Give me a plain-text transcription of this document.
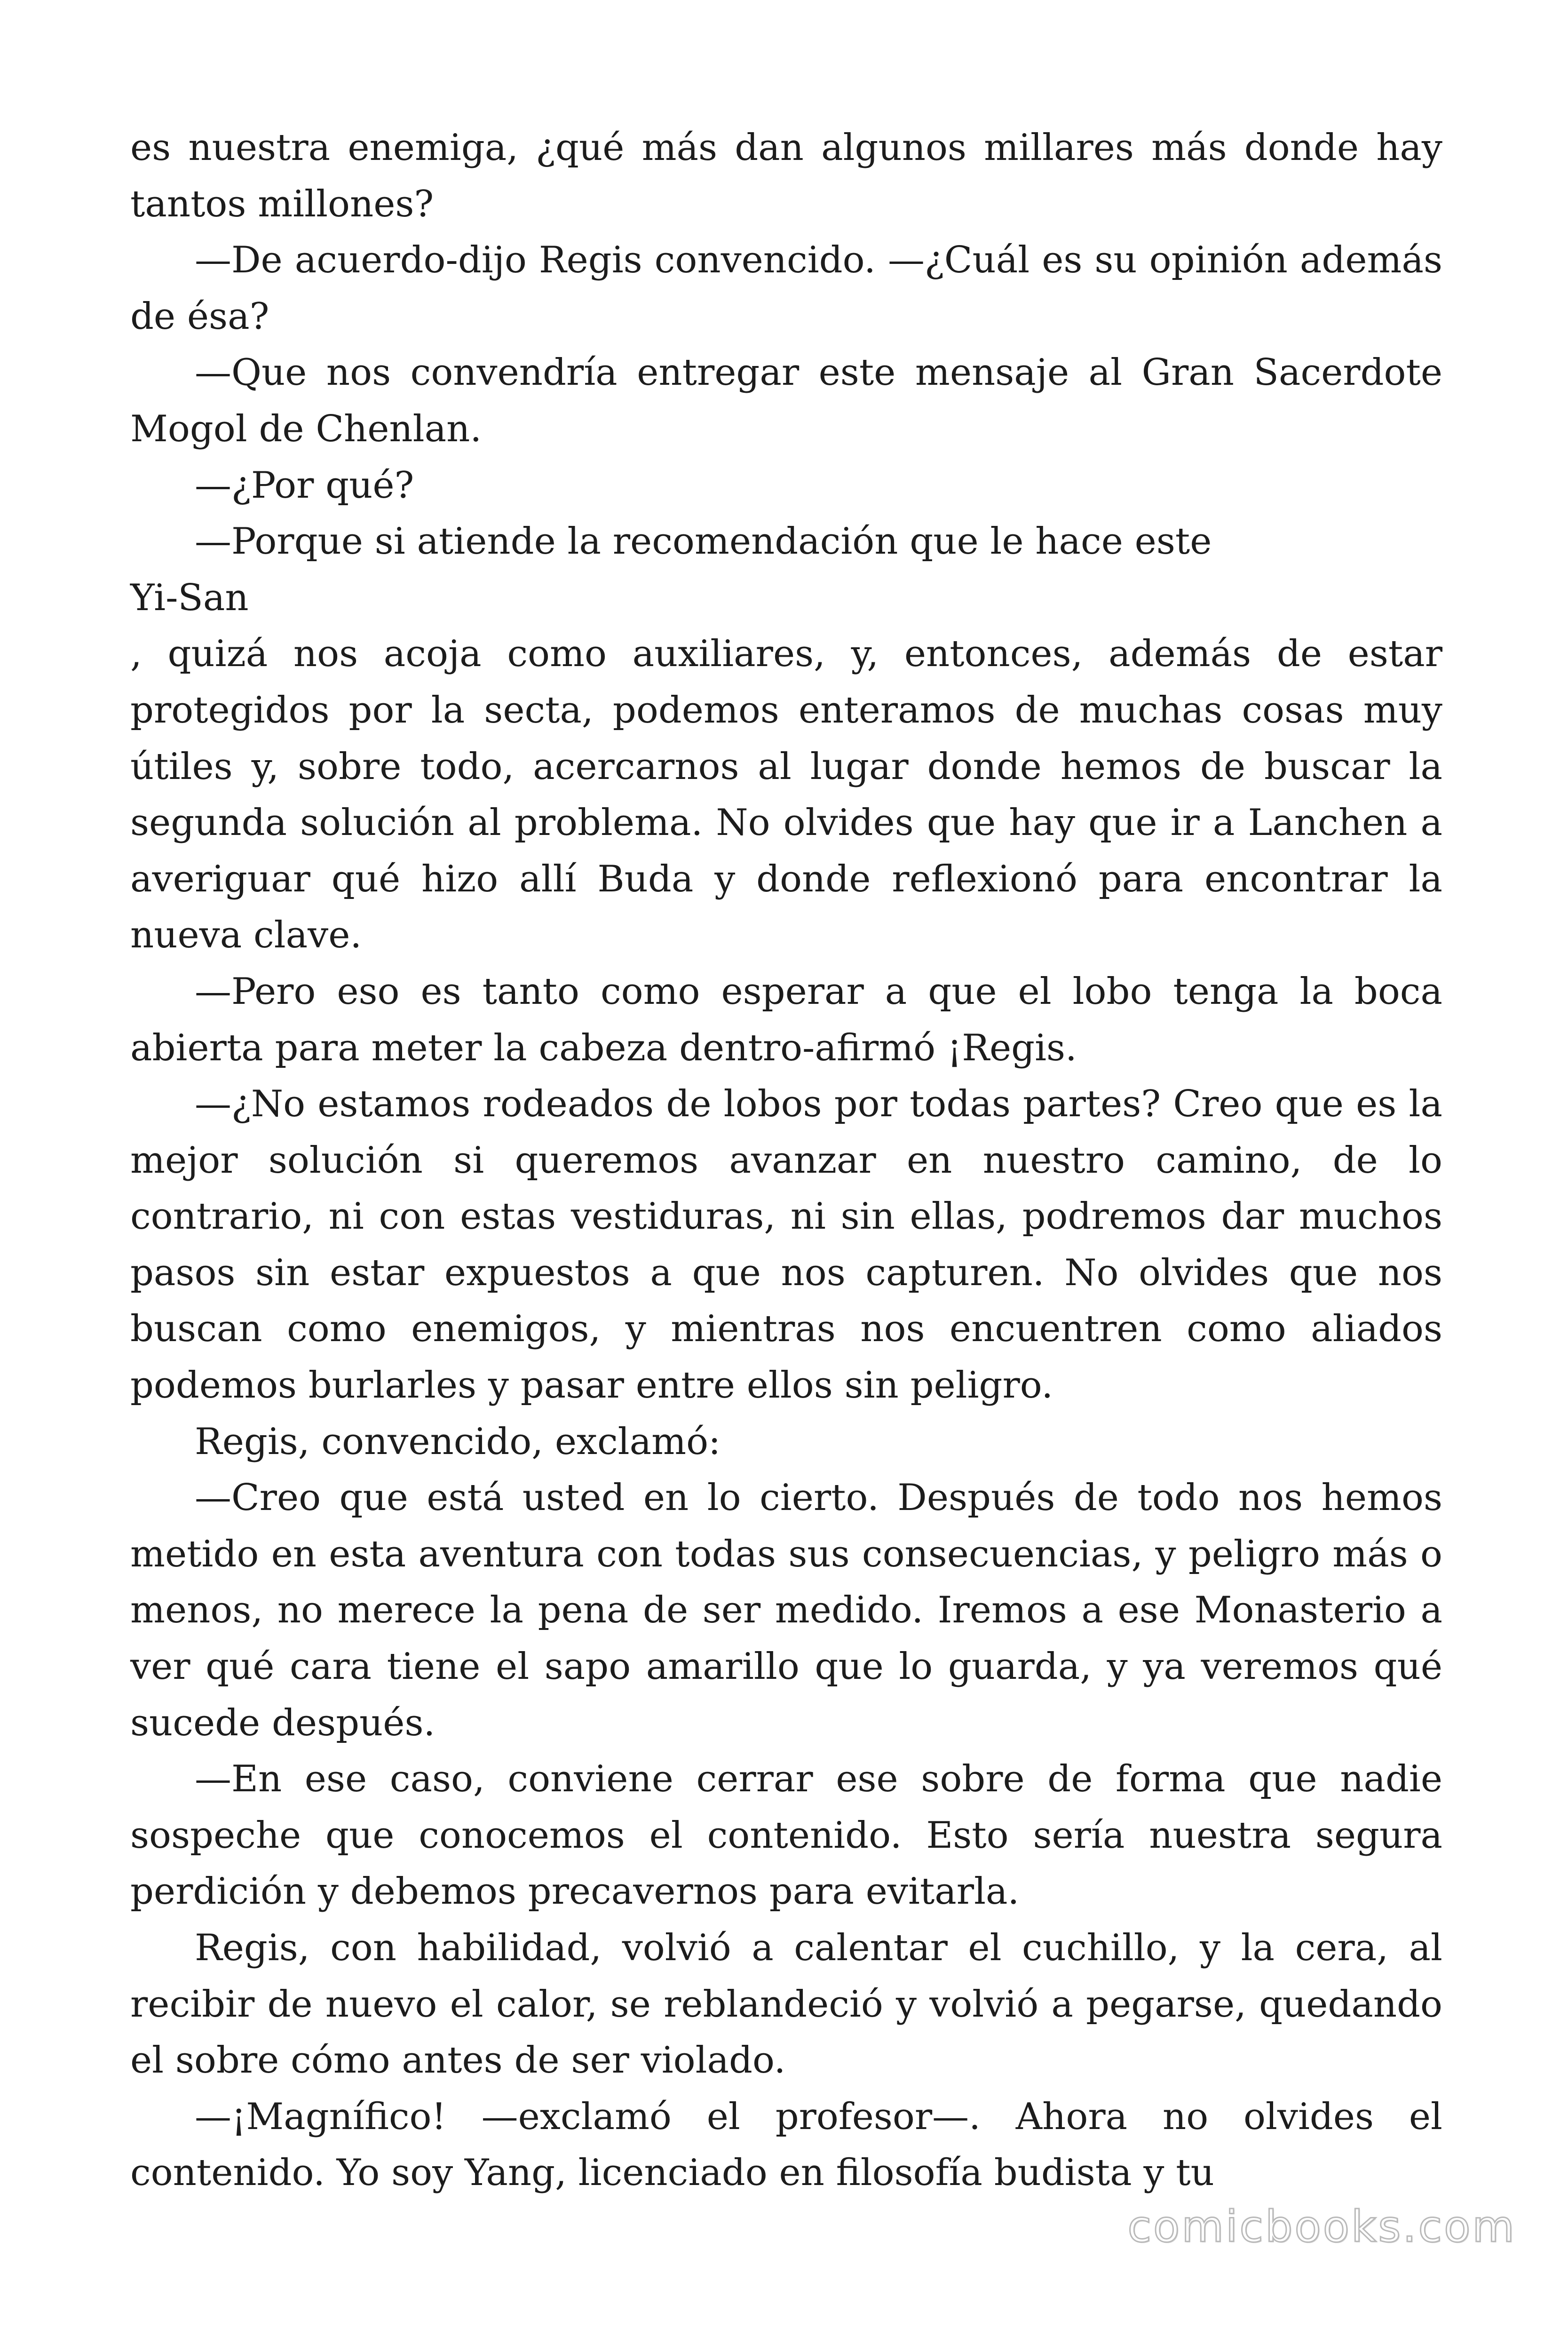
es nuestra enemiga, ¿qué más dan algunos millares más donde hay tantos millones?

—De acuerdo-dijo Regis convencido. —¿Cuál es su opinión además de ésa?

—Que nos convendría entregar este mensaje al Gran Sacerdote Mogol de Chenlan.

—¿Por qué?

—Porque si atiende la recomendación que le hace este

Yi-San

, quizá nos acoja como auxiliares, y, entonces, además de estar protegidos por la secta, podemos enteramos de muchas cosas muy útiles y, sobre todo, acercarnos al lugar donde hemos de buscar la segunda solución al problema. No olvides que hay que ir a Lanchen a averiguar qué hizo allí Buda y donde reflexionó para encontrar la nueva clave.

—Pero eso es tanto como esperar a que el lobo tenga la boca abierta para meter la cabeza dentro-afirmó ¡Regis.

—¿No estamos rodeados de lobos por todas partes? Creo que es la mejor solución si queremos avanzar en nuestro camino, de lo contrario, ni con estas vestiduras, ni sin ellas, podremos dar muchos pasos sin estar expuestos a que nos capturen. No olvides que nos buscan como enemigos, y mientras nos encuentren como aliados podemos burlarles y pasar entre ellos sin peligro.

Regis, convencido, exclamó:

—Creo que está usted en lo cierto. Después de todo nos hemos metido en esta aventura con todas sus consecuencias, y peligro más o menos, no merece la pena de ser medido. Iremos a ese Monasterio a ver qué cara tiene el sapo amarillo que lo guarda, y ya veremos qué sucede después.

—En ese caso, conviene cerrar ese sobre de forma que nadie sospeche que conocemos el contenido. Esto sería nuestra segura perdición y debemos precavernos para evitarla.

Regis, con habilidad, volvió a calentar el cuchillo, y la cera, al recibir de nuevo el calor, se reblandeció y volvió a pegarse, quedando el sobre cómo antes de ser violado.

—¡Magnífico! —exclamó el profesor—. Ahora no olvides el contenido. Yo soy Yang, licenciado en filosofía budista y tu

comicbooks.com
